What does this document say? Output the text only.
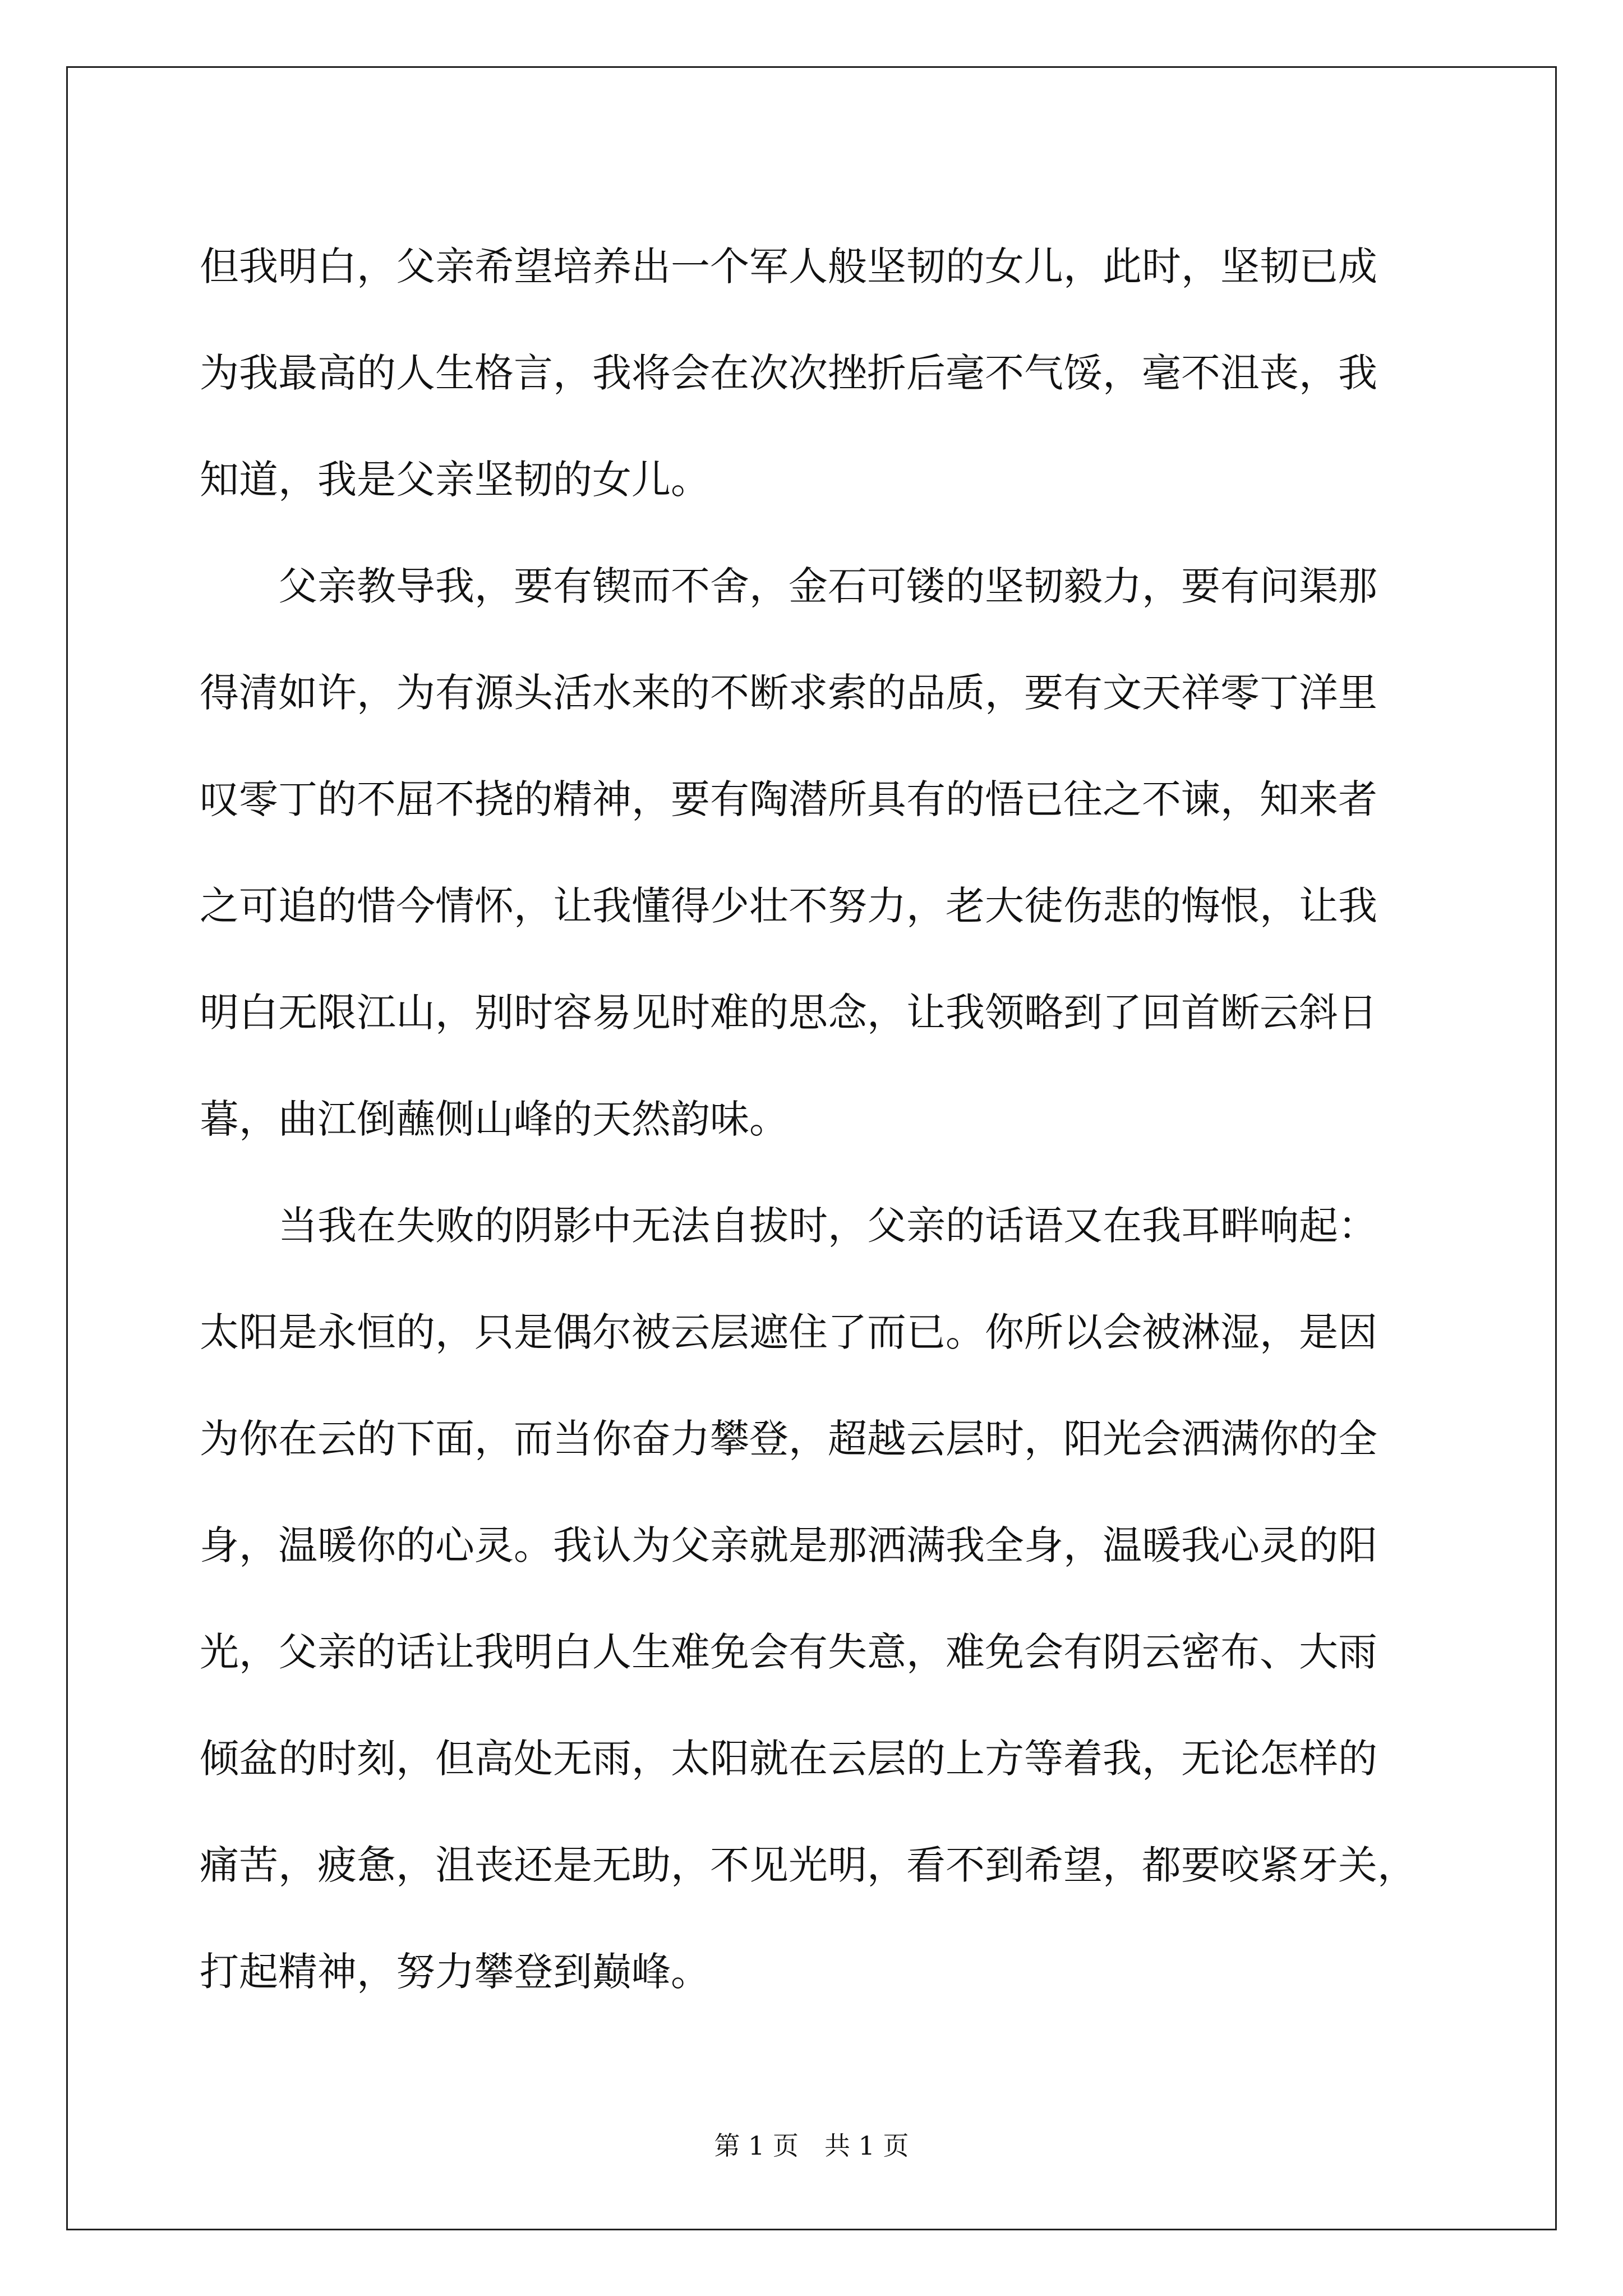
但我明白，父亲希望培养出一个军人般坚韧的女儿，此时，坚韧已成
为我最高的人生格言，我将会在次次挫折后毫不气馁，毫不沮丧，我
知道，我是父亲坚韧的女儿。
父亲教导我，要有锲而不舍，金石可镂的坚韧毅力，要有问渠那
得清如许，为有源头活水来的不断求索的品质，要有文天祥零丁洋里
叹零丁的不屈不挠的精神，要有陶潜所具有的悟已往之不谏，知来者
之可追的惜今情怀，让我懂得少壮不努力，老大徒伤悲的悔恨，让我
明白无限江山，别时容易见时难的思念，让我领略到了回首断云斜日
暮，曲江倒蘸侧山峰的天然韵味。
当我在失败的阴影中无法自拔时，父亲的话语又在我耳畔响起：
太阳是永恒的，只是偶尔被云层遮住了而已。你所以会被淋湿，是因
为你在云的下面，而当你奋力攀登，超越云层时，阳光会洒满你的全
身，温暖你的心灵。我认为父亲就是那洒满我全身，温暖我心灵的阳
光，父亲的话让我明白人生难免会有失意，难免会有阴云密布、大雨
倾盆的时刻，但高处无雨，太阳就在云层的上方等着我，无论怎样的
痛苦，疲惫，沮丧还是无助，不见光明，看不到希望，都要咬紧牙关，
打起精神，努力攀登到巅峰。
第 1 页　共 1 页
